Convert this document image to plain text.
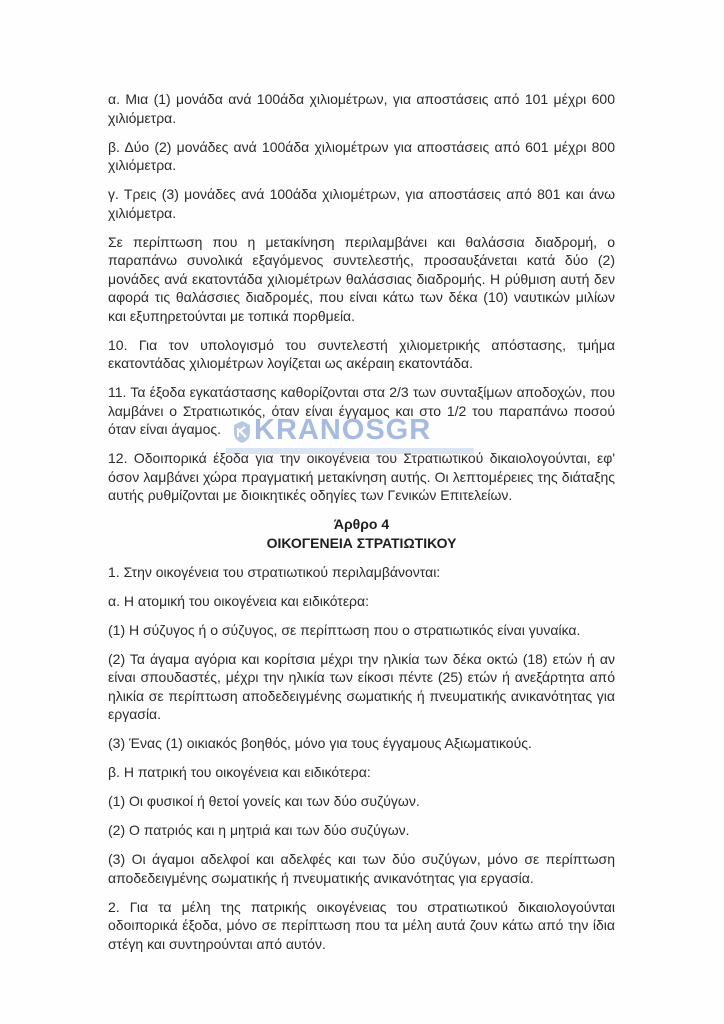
α. Μια (1) μονάδα ανά 100άδα χιλιομέτρων, για αποστάσεις από 101 μέχρι 600 χιλιόμετρα.

β. Δύο (2) μονάδες ανά 100άδα χιλιομέτρων για αποστάσεις από 601 μέχρι 800 χιλιόμετρα.

γ. Τρεις (3) μονάδες ανά 100άδα χιλιομέτρων, για αποστάσεις από 801 και άνω χιλιόμετρα.

Σε περίπτωση που η μετακίνηση περιλαμβάνει και θαλάσσια διαδρομή, ο παραπάνω συνολικά εξαγόμενος συντελεστής, προσαυξάνεται κατά δύο (2) μονάδες ανά εκατοντάδα χιλιομέτρων θαλάσσιας διαδρομής. Η ρύθμιση αυτή δεν αφορά τις θαλάσσιες διαδρομές, που είναι κάτω των δέκα (10) ναυτικών μιλίων και εξυπηρετούνται με τοπικά πορθμεία.

10. Για τον υπολογισμό του συντελεστή χιλιομετρικής απόστασης, τμήμα εκατοντάδας χιλιομέτρων λογίζεται ως ακέραιη εκατοντάδα.

11. Τα έξοδα εγκατάστασης καθορίζονται στα 2/3 των συνταξίμων αποδοχών, που λαμβάνει ο Στρατιωτικός, όταν είναι έγγαμος και στο 1/2 του παραπάνω ποσού όταν είναι άγαμος.

12. Οδοιπορικά έξοδα για την οικογένεια του Στρατιωτικού δικαιολογούνται, εφ' όσον λαμβάνει χώρα πραγματική μετακίνηση αυτής. Οι λεπτομέρειες της διάταξης αυτής ρυθμίζονται με διοικητικές οδηγίες των Γενικών Επιτελείων.

Άρθρο 4
ΟΙΚΟΓΕΝΕΙΑ ΣΤΡΑΤΙΩΤΙΚΟΥ

1. Στην οικογένεια του στρατιωτικού περιλαμβάνονται:

α. Η ατομική του οικογένεια και ειδικότερα:

(1) Η σύζυγος ή ο σύζυγος, σε περίπτωση που ο στρατιωτικός είναι γυναίκα.

(2) Τα άγαμα αγόρια και κορίτσια μέχρι την ηλικία των δέκα οκτώ (18) ετών ή αν είναι σπουδαστές, μέχρι την ηλικία των είκοσι πέντε (25) ετών ή ανεξάρτητα από ηλικία σε περίπτωση αποδεδειγμένης σωματικής ή πνευματικής ανικανότητας για εργασία.

(3) Ένας (1) οικιακός βοηθός, μόνο για τους έγγαμους Αξιωματικούς.

β. Η πατρική του οικογένεια και ειδικότερα:

(1) Οι φυσικοί ή θετοί γονείς και των δύο συζύγων.

(2) Ο πατριός και η μητριά και των δύο συζύγων.

(3) Οι άγαμοι αδελφοί και αδελφές και των δύο συζύγων, μόνο σε περίπτωση αποδεδειγμένης σωματικής ή πνευματικής ανικανότητας για εργασία.

2. Για τα μέλη της πατρικής οικογένειας του στρατιωτικού δικαιολογούνται οδοιπορικά έξοδα, μόνο σε περίπτωση που τα μέλη αυτά ζουν κάτω από την ίδια στέγη και συντηρούνται από αυτόν.

KRANOSGR
